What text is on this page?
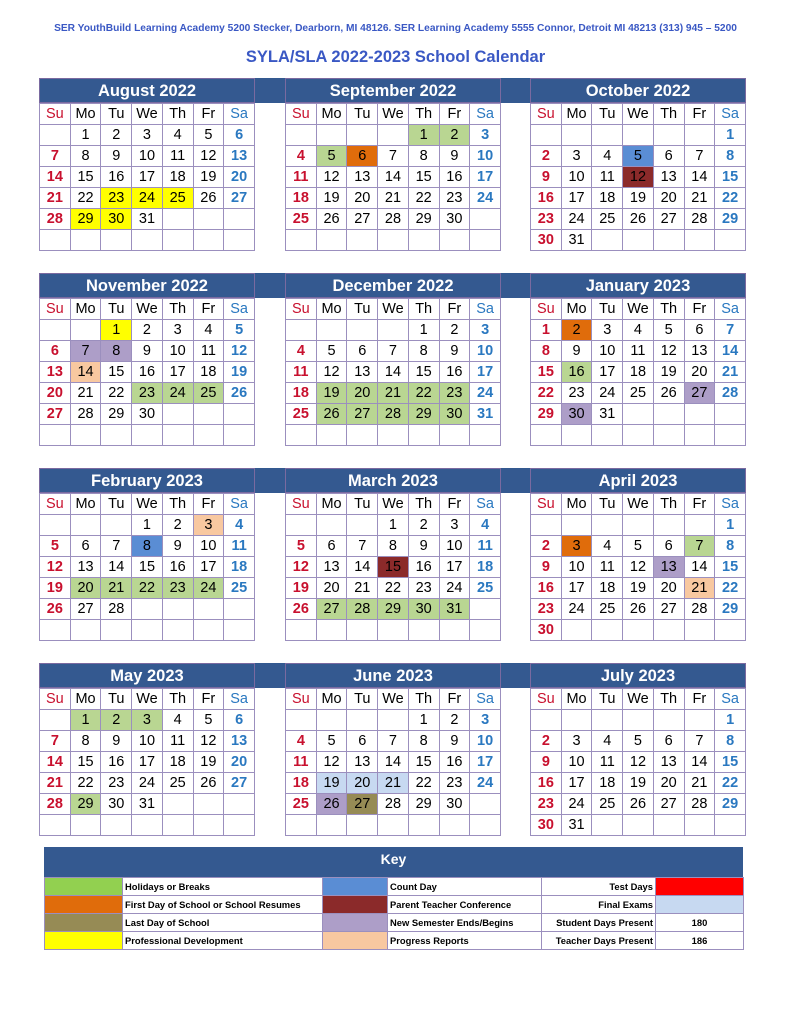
SER YouthBuild Learning Academy 5200 Stecker, Dearborn, MI 48126. SER Learning Academy 5555 Connor, Detroit MI 48213 (313) 945 – 5200
SYLA/SLA 2022-2023 School Calendar
August 2022
Su	Mo	Tu	We	Th	Fr	Sa
	1	2	3	4	5	6
7	8	9	10	11	12	13
14	15	16	17	18	19	20
21	22	23	24	25	26	27
28	29	30	31			

September 2022
Su	Mo	Tu	We	Th	Fr	Sa
				1	2	3
4	5	6	7	8	9	10
11	12	13	14	15	16	17
18	19	20	21	22	23	24
25	26	27	28	29	30	

October 2022
Su	Mo	Tu	We	Th	Fr	Sa
						1
2	3	4	5	6	7	8
9	10	11	12	13	14	15
16	17	18	19	20	21	22
23	24	25	26	27	28	29
30	31					
November 2022
Su	Mo	Tu	We	Th	Fr	Sa
		1	2	3	4	5
6	7	8	9	10	11	12
13	14	15	16	17	18	19
20	21	22	23	24	25	26
27	28	29	30			

December 2022
Su	Mo	Tu	We	Th	Fr	Sa
				1	2	3
4	5	6	7	8	9	10
11	12	13	14	15	16	17
18	19	20	21	22	23	24
25	26	27	28	29	30	31

January 2023
Su	Mo	Tu	We	Th	Fr	Sa
1	2	3	4	5	6	7
8	9	10	11	12	13	14
15	16	17	18	19	20	21
22	23	24	25	26	27	28
29	30	31				

February 2023
Su	Mo	Tu	We	Th	Fr	Sa
			1	2	3	4
5	6	7	8	9	10	11
12	13	14	15	16	17	18
19	20	21	22	23	24	25
26	27	28				

March 2023
Su	Mo	Tu	We	Th	Fr	Sa
			1	2	3	4
5	6	7	8	9	10	11
12	13	14	15	16	17	18
19	20	21	22	23	24	25
26	27	28	29	30	31	

April 2023
Su	Mo	Tu	We	Th	Fr	Sa
						1
2	3	4	5	6	7	8
9	10	11	12	13	14	15
16	17	18	19	20	21	22
23	24	25	26	27	28	29
30						
May 2023
Su	Mo	Tu	We	Th	Fr	Sa
	1	2	3	4	5	6
7	8	9	10	11	12	13
14	15	16	17	18	19	20
21	22	23	24	25	26	27
28	29	30	31			

June 2023
Su	Mo	Tu	We	Th	Fr	Sa
				1	2	3
4	5	6	7	8	9	10
11	12	13	14	15	16	17
18	19	20	21	22	23	24
25	26	27	28	29	30	

July 2023
Su	Mo	Tu	We	Th	Fr	Sa
						1
2	3	4	5	6	7	8
9	10	11	12	13	14	15
16	17	18	19	20	21	22
23	24	25	26	27	28	29
30	31					
Key
	Holidays or Breaks		Count Day	Test Days	
	First Day of School or School Resumes		Parent Teacher Conference	Final Exams	
	Last Day of School		New Semester Ends/Begins	Student Days Present	180
	Professional Development		Progress Reports	Teacher Days Present	186
